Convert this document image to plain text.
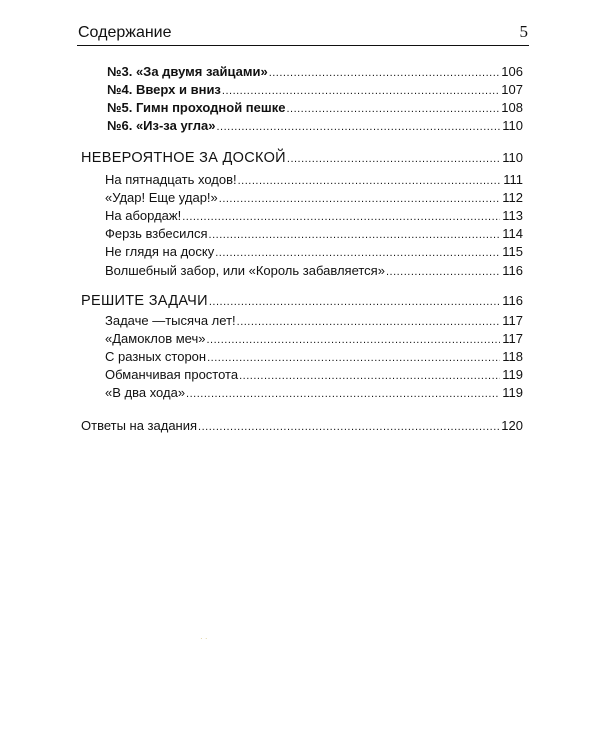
Содержание	5
№3. «За двумя зайцами» .....	106
№4. Вверх и вниз .....	107
№5. Гимн проходной пешке .....	108
№6. «Из-за угла» .....	110
НЕВЕРОЯТНОЕ ЗА ДОСКОЙ .....	110
На пятнадцать ходов! .....	111
«Удар! Еще удар!» .....	112
На абордаж! .....	113
Ферзь взбесился .....	114
Не глядя на доску .....	115
Волшебный забор, или «Король забавляется» .....	116
РЕШИТЕ ЗАДАЧИ .....	116
Задаче —тысяча лет! .....	117
«Дамоклов меч» .....	117
С разных сторон .....	118
Обманчивая простота .....	119
«В два хода» .....	119
Ответы на задания .....	120
· ·
